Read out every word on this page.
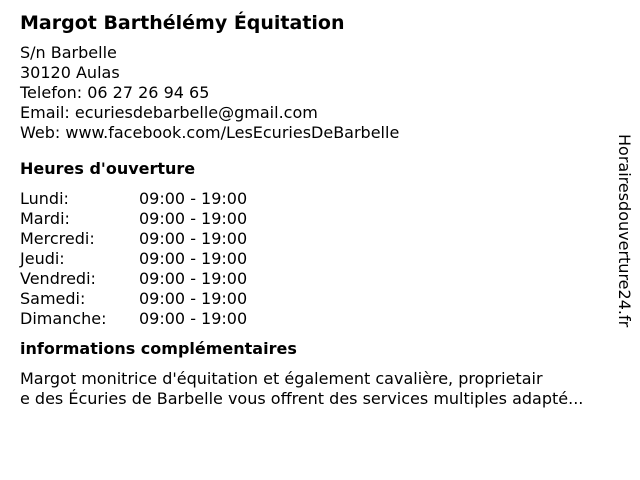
Margot Barthélémy Équitation
S/n Barbelle
30120 Aulas
Telefon: 06 27 26 94 65
Email: ecuriesdebarbelle@gmail.com
Web: www.facebook.com/LesEcuriesDeBarbelle
Heures d'ouverture
Lundi:	09:00 - 19:00
Mardi:	09:00 - 19:00
Mercredi:	09:00 - 19:00
Jeudi:	09:00 - 19:00
Vendredi:	09:00 - 19:00
Samedi:	09:00 - 19:00
Dimanche:	09:00 - 19:00
informations complémentaires
Margot monitrice d'équitation et également cavalière, proprietair
e des Écuries de Barbelle vous offrent des services multiples adapté...
Horairesdouverture24.fr
